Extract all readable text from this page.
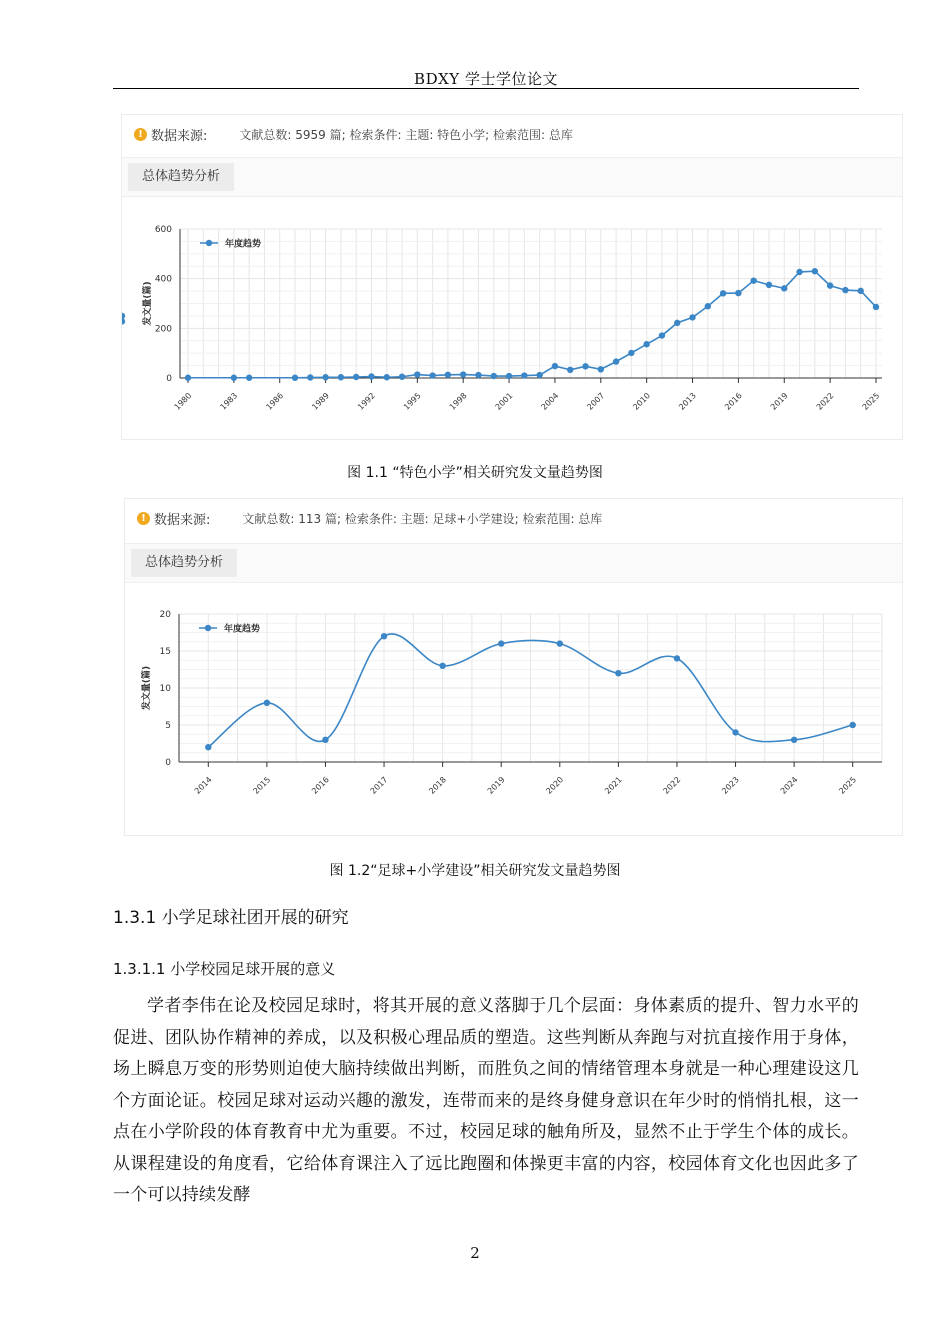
BDXY 学士学位论文
! 数据来源:	文献总数: 5959 篇; 检索条件: 主题: 特色小学; 检索范围: 总库
总体趋势分析
0
200
400
600
1980	1983	1986	1989	1992	1995	1998	2001	2004	2007	2010	2013	2016	2019	2022	2025
发文量(篇)
年度趋势
图 1.1 “特色小学”相关研究发文量趋势图
! 数据来源:	文献总数: 113 篇; 检索条件: 主题: 足球+小学建设; 检索范围: 总库
总体趋势分析
0
5
10
15
20
2014	2015	2016	2017	2018	2019	2020	2021	2022	2023	2024	2025
发文量(篇)
年度趋势
图 1.2“足球+小学建设”相关研究发文量趋势图
1.3.1 小学足球社团开展的研究
1.3.1.1 小学校园足球开展的意义
学者李伟在论及校园足球时，将其开展的意义落脚于几个层面：身体素质的提升、智力水平的促进、团队协作精神的养成，以及积极心理品质的塑造。这些判断从奔跑与对抗直接作用于身体，场上瞬息万变的形势则迫使大脑持续做出判断，而胜负之间的情绪管理本身就是一种心理建设这几个方面论证。校园足球对运动兴趣的激发，连带而来的是终身健身意识在年少时的悄悄扎根，这一点在小学阶段的体育教育中尤为重要。不过，校园足球的触角所及，显然不止于学生个体的成长。从课程建设的角度看，它给体育课注入了远比跑圈和体操更丰富的内容，校园体育文化也因此多了一个可以持续发酵
2
